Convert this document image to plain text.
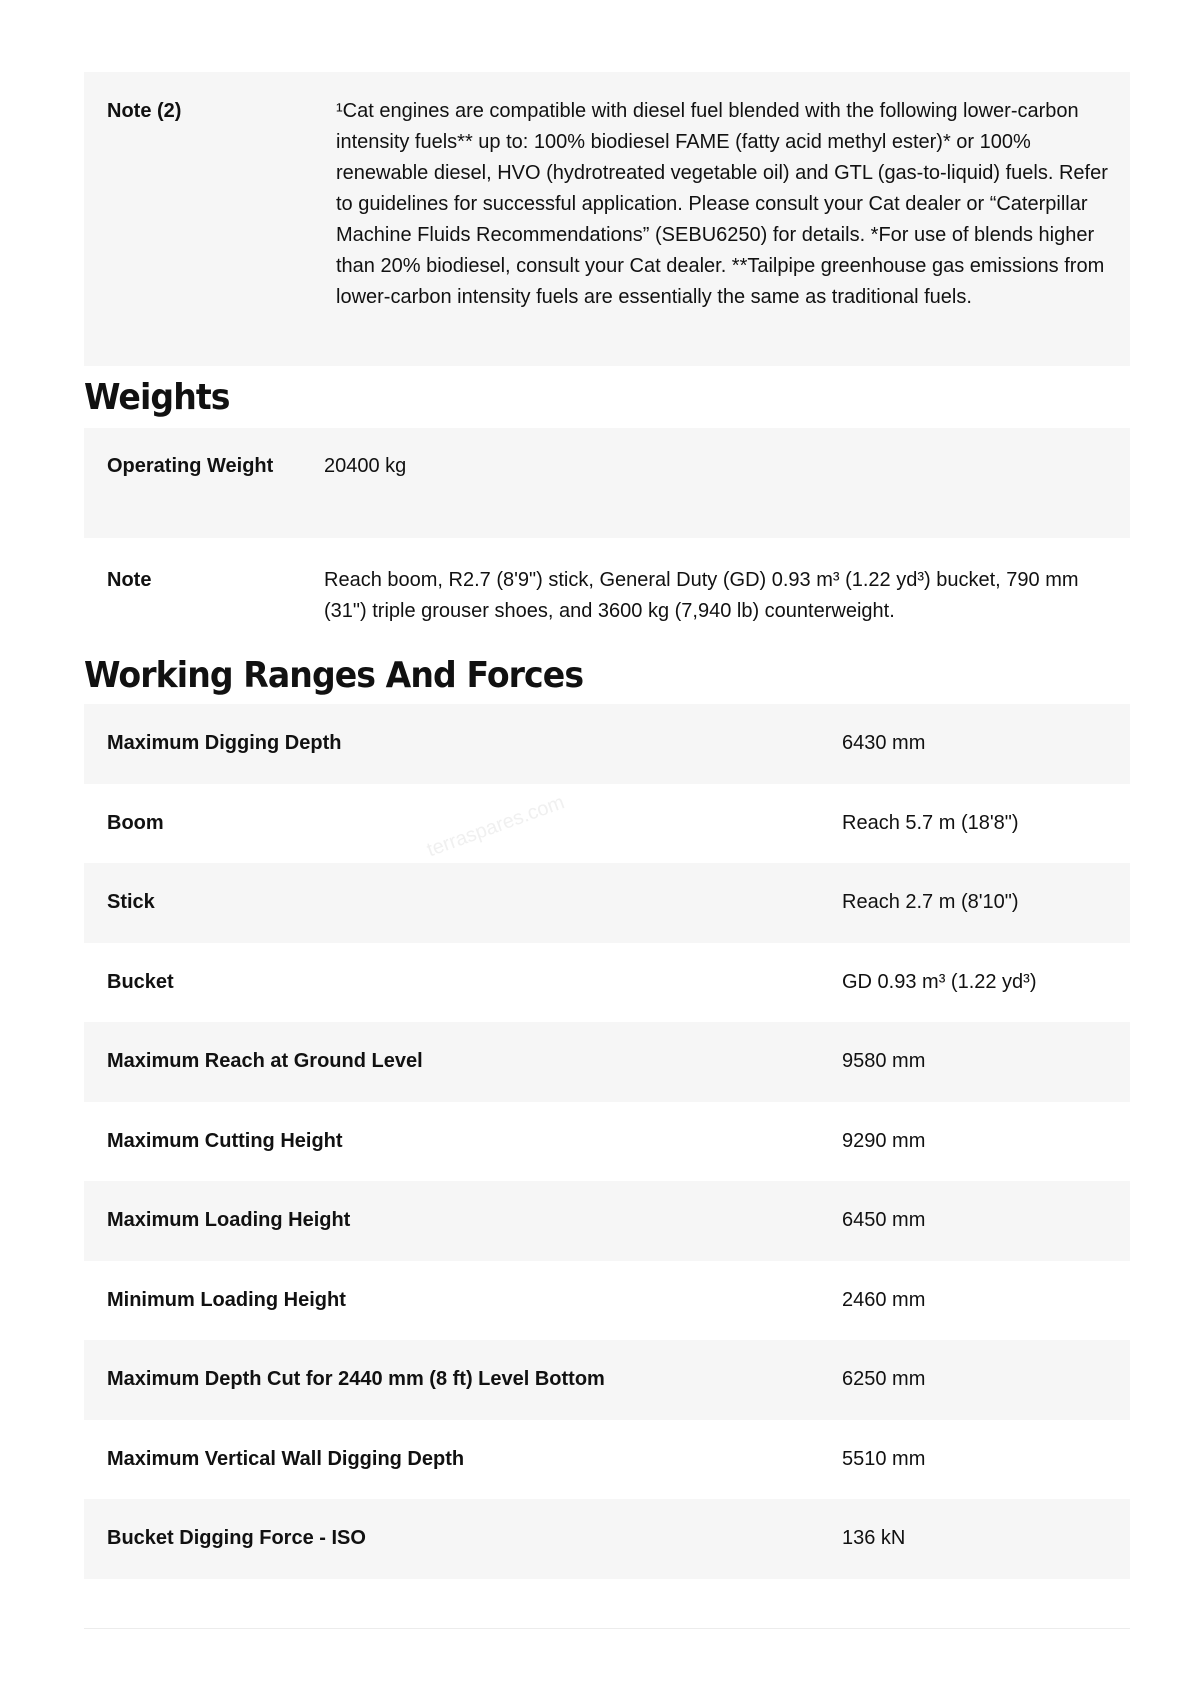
Note (2)	¹Cat engines are compatible with diesel fuel blended with the following lower-carbon intensity fuels** up to: 100% biodiesel FAME (fatty acid methyl ester)* or 100% renewable diesel, HVO (hydrotreated vegetable oil) and GTL (gas-to-liquid) fuels. Refer to guidelines for successful application. Please consult your Cat dealer or “Caterpillar Machine Fluids Recommendations” (SEBU6250) for details. *For use of blends higher than 20% biodiesel, consult your Cat dealer. **Tailpipe greenhouse gas emissions from lower-carbon intensity fuels are essentially the same as traditional fuels.
Weights
Operating Weight	20400 kg
Note	Reach boom, R2.7 (8'9") stick, General Duty (GD) 0.93 m³ (1.22 yd³) bucket, 790 mm (31") triple grouser shoes, and 3600 kg (7,940 lb) counterweight.
Working Ranges And Forces
Maximum Digging Depth	6430 mm
Boom	Reach 5.7 m (18'8")
Stick	Reach 2.7 m (8'10")
Bucket	GD 0.93 m³ (1.22 yd³)
Maximum Reach at Ground Level	9580 mm
Maximum Cutting Height	9290 mm
Maximum Loading Height	6450 mm
Minimum Loading Height	2460 mm
Maximum Depth Cut for 2440 mm (8 ft) Level Bottom	6250 mm
Maximum Vertical Wall Digging Depth	5510 mm
Bucket Digging Force - ISO	136 kN
terraspares.com
